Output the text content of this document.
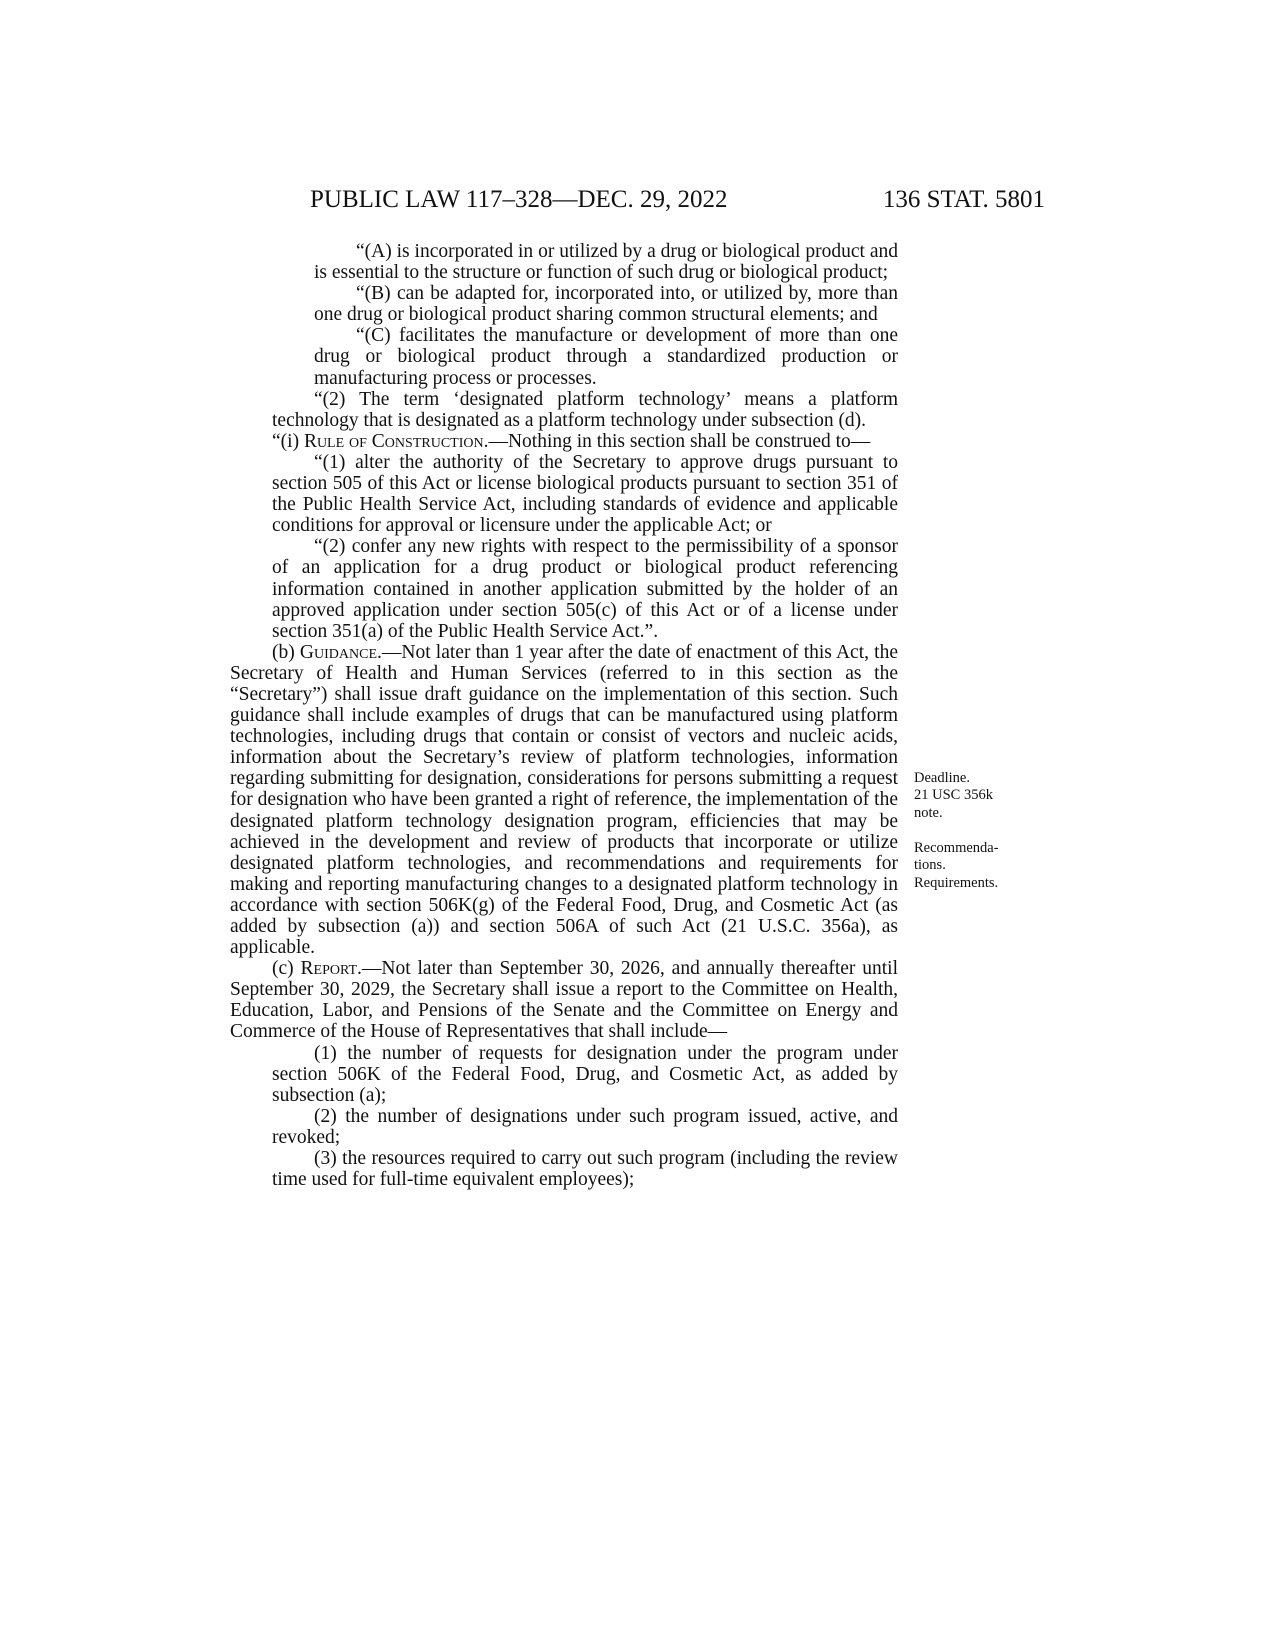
PUBLIC LAW 117–328—DEC. 29, 2022	136 STAT. 5801

“(A) is incorporated in or utilized by a drug or biological product and is essential to the structure or function of such drug or biological product;

“(B) can be adapted for, incorporated into, or utilized by, more than one drug or biological product sharing common structural elements; and

“(C) facilitates the manufacture or development of more than one drug or biological product through a standardized production or manufacturing process or processes.

“(2) The term ‘designated platform technology’ means a platform technology that is designated as a platform technology under subsection (d).

“(i) Rule of Construction.—Nothing in this section shall be construed to—

“(1) alter the authority of the Secretary to approve drugs pursuant to section 505 of this Act or license biological products pursuant to section 351 of the Public Health Service Act, including standards of evidence and applicable conditions for approval or licensure under the applicable Act; or

“(2) confer any new rights with respect to the permissibility of a sponsor of an application for a drug product or biological product referencing information contained in another application submitted by the holder of an approved application under section 505(c) of this Act or of a license under section 351(a) of the Public Health Service Act.”.

(b) Guidance.—Not later than 1 year after the date of enactment of this Act, the Secretary of Health and Human Services (referred to in this section as the “Secretary”) shall issue draft guidance on the implementation of this section. Such guidance shall include examples of drugs that can be manufactured using platform technologies, including drugs that contain or consist of vectors and nucleic acids, information about the Secretary’s review of platform technologies, information regarding submitting for designation, considerations for persons submitting a request for designation who have been granted a right of reference, the implementation of the designated platform technology designation program, efficiencies that may be achieved in the development and review of products that incorporate or utilize designated platform technologies, and recommendations and requirements for making and reporting manufacturing changes to a designated platform technology in accordance with section 506K(g) of the Federal Food, Drug, and Cosmetic Act (as added by subsection (a)) and section 506A of such Act (21 U.S.C. 356a), as applicable.

(c) Report.—Not later than September 30, 2026, and annually thereafter until September 30, 2029, the Secretary shall issue a report to the Committee on Health, Education, Labor, and Pensions of the Senate and the Committee on Energy and Commerce of the House of Representatives that shall include—

(1) the number of requests for designation under the program under section 506K of the Federal Food, Drug, and Cosmetic Act, as added by subsection (a);

(2) the number of designations under such program issued, active, and revoked;

(3) the resources required to carry out such program (including the review time used for full-time equivalent employees);

Deadline.
21 USC 356k
note.
Recommenda-
tions.
Requirements.
